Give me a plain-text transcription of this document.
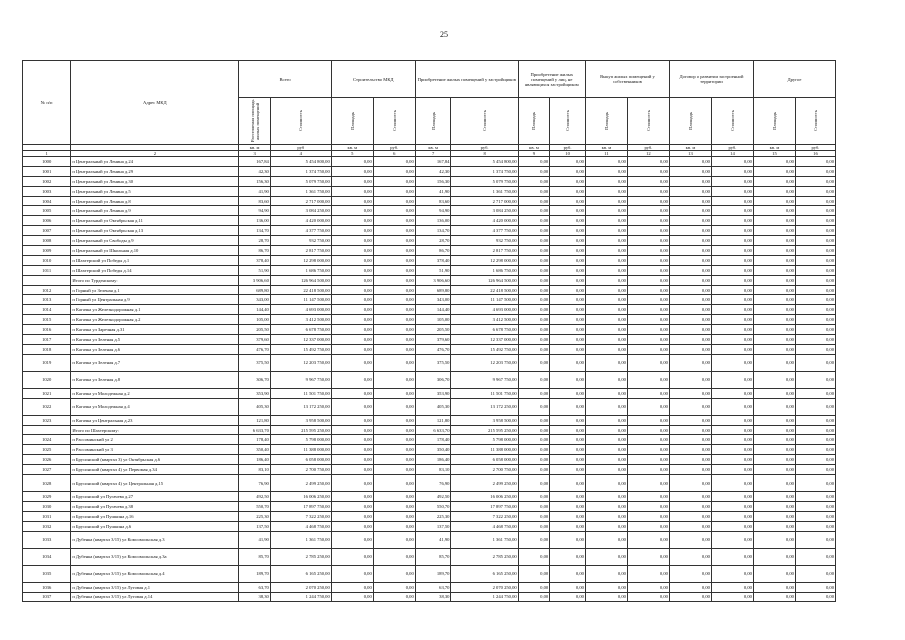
25
№ п/п	Адрес МКД	Всего		Строительство МКД		Приобретение жилых помещений у застройщиков		Приобретение жилых помещений у лиц, не являющихся застройщиком		Выкуп жилых помещений у собственников		Договор о развитии застроенной территории		Другое	

		Расселяемая площадь жилых помещений	Стоимость	Площадь	Стоимость	Площадь	Стоимость	Площадь	Стоимость	Площадь	Стоимость	Площадь	Стоимость	Площадь	Стоимость

		кв. м	руб	кв. м	руб.	кв. м	руб.	кв. м	руб.	кв. м	руб.	кв. м	руб.	кв. м	руб.
1	2	3	4	5	6	7	8	9	10	11	12	13	14	15	16
1000	п Центральный ул Ленина д.24	167,84	5 454 800,00	0,00	0,00	167,84	5 454 800,00	0,00	0,00	0,00	0,00	0,00	0,00	0,00	0,00
1001	п Центральный ул Ленина д.29	42,30	1 374 750,00	0,00	0,00	42,30	1 374 750,00	0,00	0,00	0,00	0,00	0,00	0,00	0,00	0,00
1002	п Центральный ул Ленина д.30	156,30	5 079 750,00	0,00	0,00	156,30	5 079 750,00	0,00	0,00	0,00	0,00	0,00	0,00	0,00	0,00
1003	п Центральный ул Ленина д.5	41,90	1 361 750,00	0,00	0,00	41,90	1 361 750,00	0,00	0,00	0,00	0,00	0,00	0,00	0,00	0,00
1004	п Центральный ул Ленина д.8	83,60	2 717 000,00	0,00	0,00	83,60	2 717 000,00	0,00	0,00	0,00	0,00	0,00	0,00	0,00	0,00
1005	п Центральный ул Ленина д.9	94,90	3 084 250,00	0,00	0,00	94,90	3 084 250,00	0,00	0,00	0,00	0,00	0,00	0,00	0,00	0,00
1006	п Центральный ул Октябрьская д.11	136,00	4 420 000,00	0,00	0,00	136,00	4 420 000,00	0,00	0,00	0,00	0,00	0,00	0,00	0,00	0,00
1007	п Центральный ул Октябрьская д.13	134,70	4 377 750,00	0,00	0,00	134,70	4 377 750,00	0,00	0,00	0,00	0,00	0,00	0,00	0,00	0,00
1008	п Центральный ул Свободы д.9	28,70	932 750,00	0,00	0,00	28,70	932 750,00	0,00	0,00	0,00	0,00	0,00	0,00	0,00	0,00
1009	п Центральный ул Школьная д.10	86,70	2 817 750,00	0,00	0,00	86,70	2 817 750,00	0,00	0,00	0,00	0,00	0,00	0,00	0,00	0,00
1010	п Шахтерский ул Победы д.1	378,40	12 298 000,00	0,00	0,00	378,40	12 298 000,00	0,00	0,00	0,00	0,00	0,00	0,00	0,00	0,00
1011	п Шахтерский ул Победы д.14	51,90	1 686 750,00	0,00	0,00	51,90	1 686 750,00	0,00	0,00	0,00	0,00	0,00	0,00	0,00	0,00
	Итого по Турденскому:	3 906,60	126 964 500,00	0,00	0,00	3 906,60	126 964 500,00	0,00	0,00	0,00	0,00	0,00	0,00	0,00	0,00
1012	п Горный ул Зеленая д.1	689,80	22 418 500,00	0,00	0,00	689,80	22 418 500,00	0,00	0,00	0,00	0,00	0,00	0,00	0,00	0,00
1013	п Горный ул Центральная д.9	343,00	11 147 500,00	0,00	0,00	343,00	11 147 500,00	0,00	0,00	0,00	0,00	0,00	0,00	0,00	0,00
1014	п Кагачка ул Железнодорожная д.1	144,40	4 693 000,00	0,00	0,00	144,40	4 693 000,00	0,00	0,00	0,00	0,00	0,00	0,00	0,00	0,00
1015	п Кагачка ул Железнодорожная д.2	105,00	3 412 500,00	0,00	0,00	105,00	3 412 500,00	0,00	0,00	0,00	0,00	0,00	0,00	0,00	0,00
1016	п Кагачка ул Заречная д.31	205,50	6 678 750,00	0,00	0,00	205,50	6 678 750,00	0,00	0,00	0,00	0,00	0,00	0,00	0,00	0,00
1017	п Кагачка ул Зеленая д.5	379,60	12 337 000,00	0,00	0,00	379,60	12 337 000,00	0,00	0,00	0,00	0,00	0,00	0,00	0,00	0,00
1018	п Кагачка ул Зеленая д.6	476,70	15 492 750,00	0,00	0,00	476,70	15 492 750,00	0,00	0,00	0,00	0,00	0,00	0,00	0,00	0,00
1019	п Кагачка ул Зеленая д.7	375,50	12 203 750,00	0,00	0,00	375,50	12 203 750,00	0,00	0,00	0,00	0,00	0,00	0,00	0,00	0,00
1020	п Кагачка ул Зеленая д.8	306,70	9 967 750,00	0,00	0,00	306,70	9 967 750,00	0,00	0,00	0,00	0,00	0,00	0,00	0,00	0,00
1021	п Кагачка ул Молодежная д.2	353,90	11 501 750,00	0,00	0,00	353,90	11 501 750,00	0,00	0,00	0,00	0,00	0,00	0,00	0,00	0,00
1022	п Кагачка ул Молодежная д.4	405,30	13 172 250,00	0,00	0,00	405,30	13 172 250,00	0,00	0,00	0,00	0,00	0,00	0,00	0,00	0,00
1023	п Кагачка ул Центральная д.23	121,80	3 958 500,00	0,00	0,00	121,80	3 958 500,00	0,00	0,00	0,00	0,00	0,00	0,00	0,00	0,00
	Итого по Шахтерскому:	6 633,70	215 595 250,00	0,00	0,00	6 633,70	215 595 250,00	0,00	0,00	0,00	0,00	0,00	0,00	0,00	0,00
1024	п Рассоминский ул 2	178,40	5 798 000,00	0,00	0,00	178,40	5 798 000,00	0,00	0,00	0,00	0,00	0,00	0,00	0,00	0,00
1025	п Рассоминский ул 3	350,40	11 388 000,00	0,00	0,00	350,40	11 388 000,00	0,00	0,00	0,00	0,00	0,00	0,00	0,00	0,00
1026	п Брусинский (квартал 3) ул Октябрьская д.6	186,40	6 058 000,00	0,00	0,00	186,40	6 058 000,00	0,00	0,00	0,00	0,00	0,00	0,00	0,00	0,00
1027	п Брусинский (квартал 4) ул Первомая д.34	83,10	2 700 750,00	0,00	0,00	83,10	2 700 750,00	0,00	0,00	0,00	0,00	0,00	0,00	0,00	0,00
1028	п Брусинский (квартал 4) ул Центральная д.15	76,90	2 499 250,00	0,00	0,00	76,90	2 499 250,00	0,00	0,00	0,00	0,00	0,00	0,00	0,00	0,00
1029	п Брусинский ул Пугачева д.27	492,50	16 006 250,00	0,00	0,00	492,50	16 006 250,00	0,00	0,00	0,00	0,00	0,00	0,00	0,00	0,00
1030	п Брусинский ул Пугачева д.38	550,70	17 897 750,00	0,00	0,00	550,70	17 897 750,00	0,00	0,00	0,00	0,00	0,00	0,00	0,00	0,00
1031	п Брусинский ул Пушкина д.16	225,30	7 322 250,00	0,00	0,00	225,30	7 322 250,00	0,00	0,00	0,00	0,00	0,00	0,00	0,00	0,00
1032	п Брусинский ул Пушкина д.6	137,50	4 468 750,00	0,00	0,00	137,50	4 468 750,00	0,00	0,00	0,00	0,00	0,00	0,00	0,00	0,00
1033	п Дубенка (квартал 3/15) ул Комсомольская д.3	41,90	1 361 750,00	0,00	0,00	41,90	1 361 750,00	0,00	0,00	0,00	0,00	0,00	0,00	0,00	0,00
1034	п Дубенка (квартал 3/15) ул Комсомольская д.3а	85,70	2 785 250,00	0,00	0,00	85,70	2 785 250,00	0,00	0,00	0,00	0,00	0,00	0,00	0,00	0,00
1035	п Дубенка (квартал 3/15) ул Комсомольская д.4	189,70	6 165 250,00	0,00	0,00	189,70	6 165 250,00	0,00	0,00	0,00	0,00	0,00	0,00	0,00	0,00
1036	п Дубенка (квартал 3/15) ул Луговая д.1	63,70	2 070 250,00	0,00	0,00	63,70	2 070 250,00	0,00	0,00	0,00	0,00	0,00	0,00	0,00	0,00
1037	п Дубенка (квартал 3/15) ул Луговая д.14	38,30	1 244 750,00	0,00	0,00	38,30	1 244 750,00	0,00	0,00	0,00	0,00	0,00	0,00	0,00	0,00
